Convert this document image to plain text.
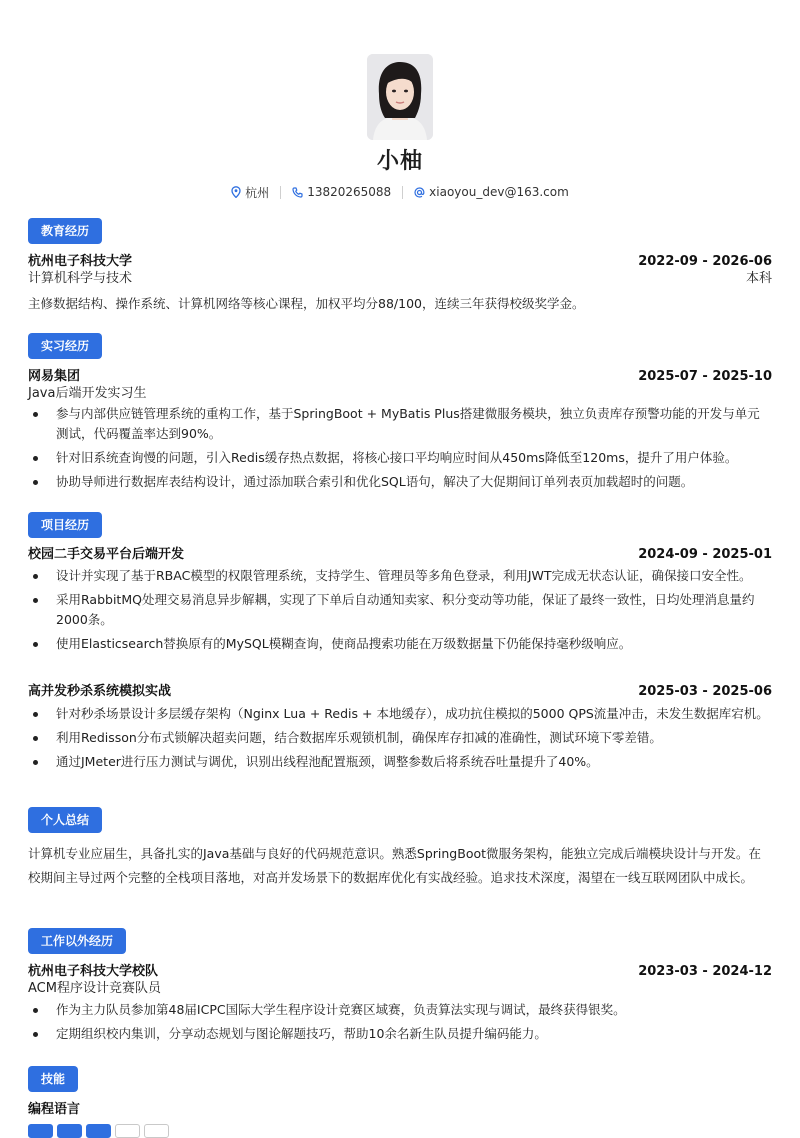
小柚
杭州	13820265088	xiaoyou_dev@163.com
教育经历
杭州电子科技大学	2022-09 - 2026-06
计算机科学与技术	本科
主修数据结构、操作系统、计算机网络等核心课程，加权平均分88/100，连续三年获得校级奖学金。
实习经历
网易集团	2025-07 - 2025-10
Java后端开发实习生
参与内部供应链管理系统的重构工作，基于SpringBoot + MyBatis Plus搭建微服务模块，独立负责库存预警功能的开发与单元测试，代码覆盖率达到90%。
针对旧系统查询慢的问题，引入Redis缓存热点数据，将核心接口平均响应时间从450ms降低至120ms，提升了用户体验。
协助导师进行数据库表结构设计，通过添加联合索引和优化SQL语句，解决了大促期间订单列表页加载超时的问题。
项目经历
校园二手交易平台后端开发	2024-09 - 2025-01
设计并实现了基于RBAC模型的权限管理系统，支持学生、管理员等多角色登录，利用JWT完成无状态认证，确保接口安全性。
采用RabbitMQ处理交易消息异步解耦，实现了下单后自动通知卖家、积分变动等功能，保证了最终一致性，日均处理消息量约2000条。
使用Elasticsearch替换原有的MySQL模糊查询，使商品搜索功能在万级数据量下仍能保持毫秒级响应。
高并发秒杀系统模拟实战	2025-03 - 2025-06
针对秒杀场景设计多层缓存架构（Nginx Lua + Redis + 本地缓存），成功抗住模拟的5000 QPS流量冲击，未发生数据库宕机。
利用Redisson分布式锁解决超卖问题，结合数据库乐观锁机制，确保库存扣减的准确性，测试环境下零差错。
通过JMeter进行压力测试与调优，识别出线程池配置瓶颈，调整参数后将系统吞吐量提升了40%。
个人总结
计算机专业应届生，具备扎实的Java基础与良好的代码规范意识。熟悉SpringBoot微服务架构，能独立完成后端模块设计与开发。在校期间主导过两个完整的全栈项目落地，对高并发场景下的数据库优化有实战经验。追求技术深度，渴望在一线互联网团队中成长。
工作以外经历
杭州电子科技大学校队	2023-03 - 2024-12
ACM程序设计竞赛队员
作为主力队员参加第48届ICPC国际大学生程序设计竞赛区域赛，负责算法实现与调试，最终获得银奖。
定期组织校内集训，分享动态规划与图论解题技巧，帮助10余名新生队员提升编码能力。
技能
编程语言
